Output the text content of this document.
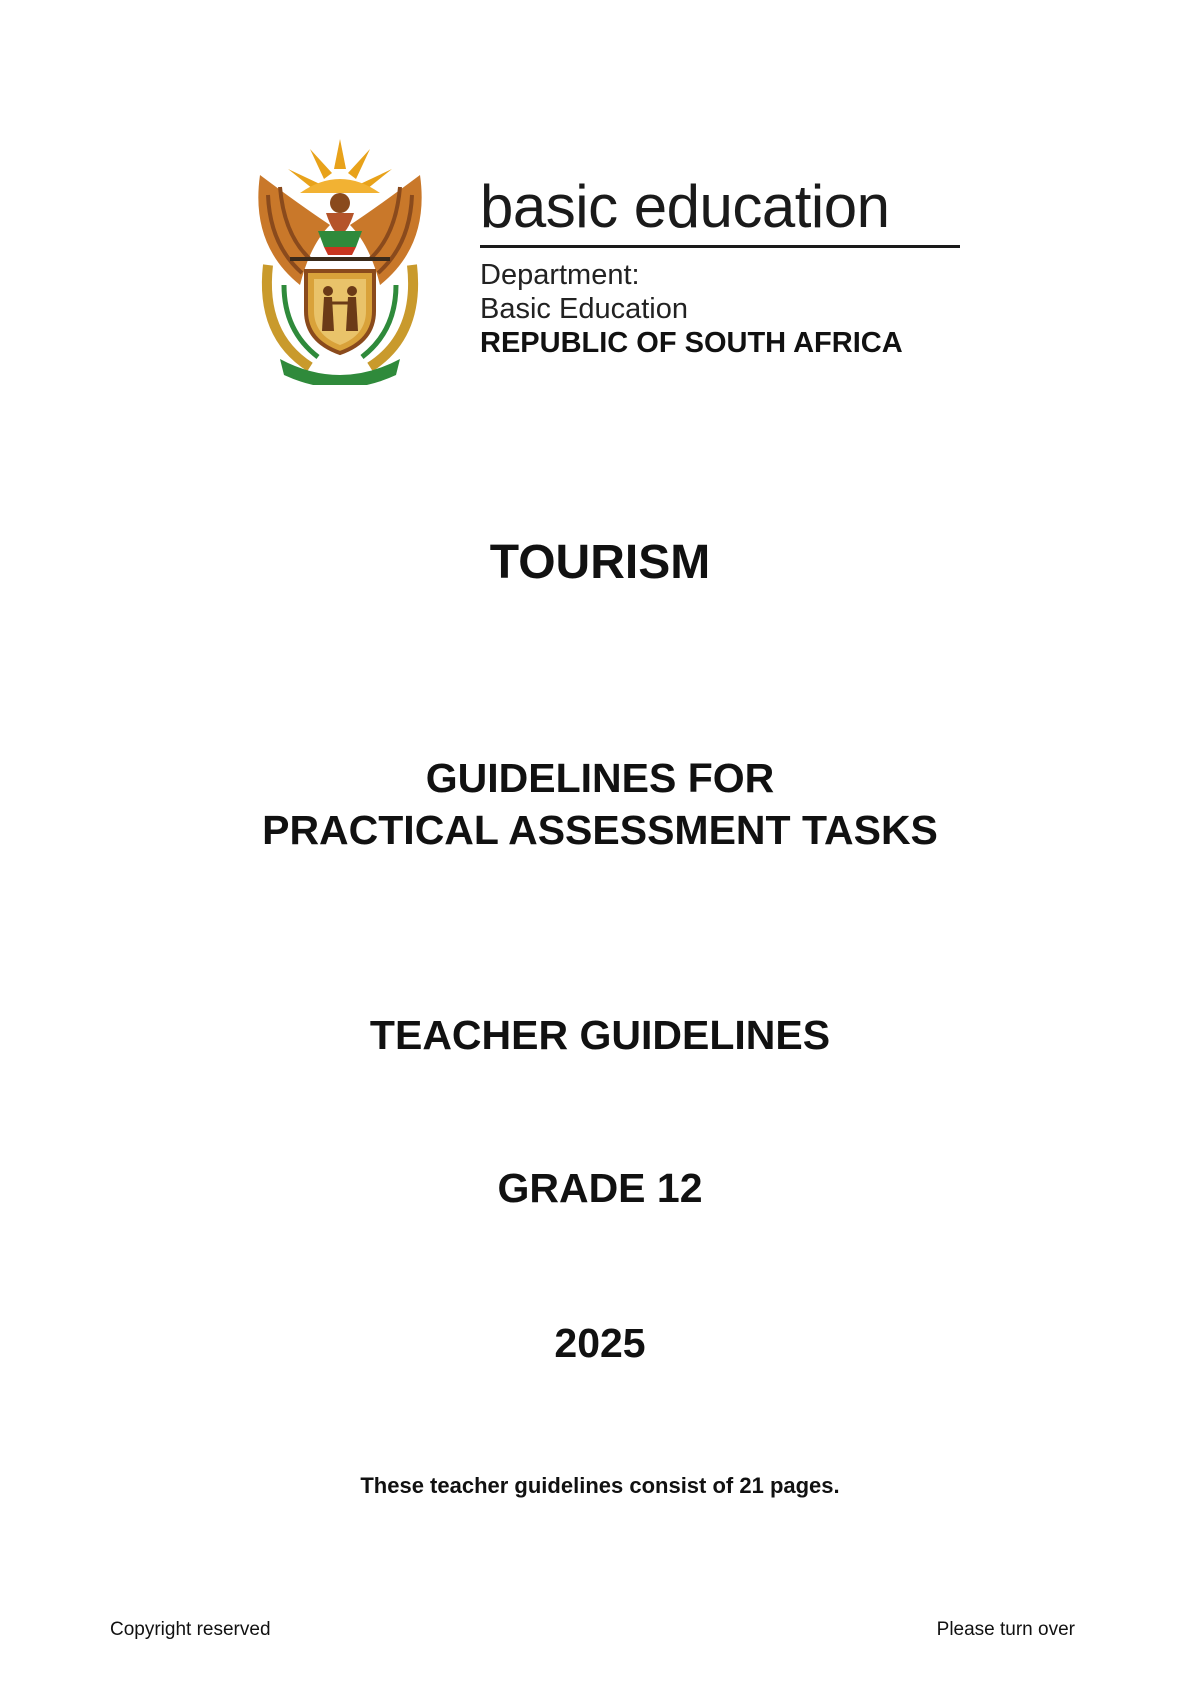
basic education
Department:
Basic Education
REPUBLIC OF SOUTH AFRICA
TOURISM
GUIDELINES FOR
PRACTICAL ASSESSMENT TASKS
TEACHER GUIDELINES
GRADE 12
2025
These teacher guidelines consist of 21 pages.
Copyright reserved	Please turn over
